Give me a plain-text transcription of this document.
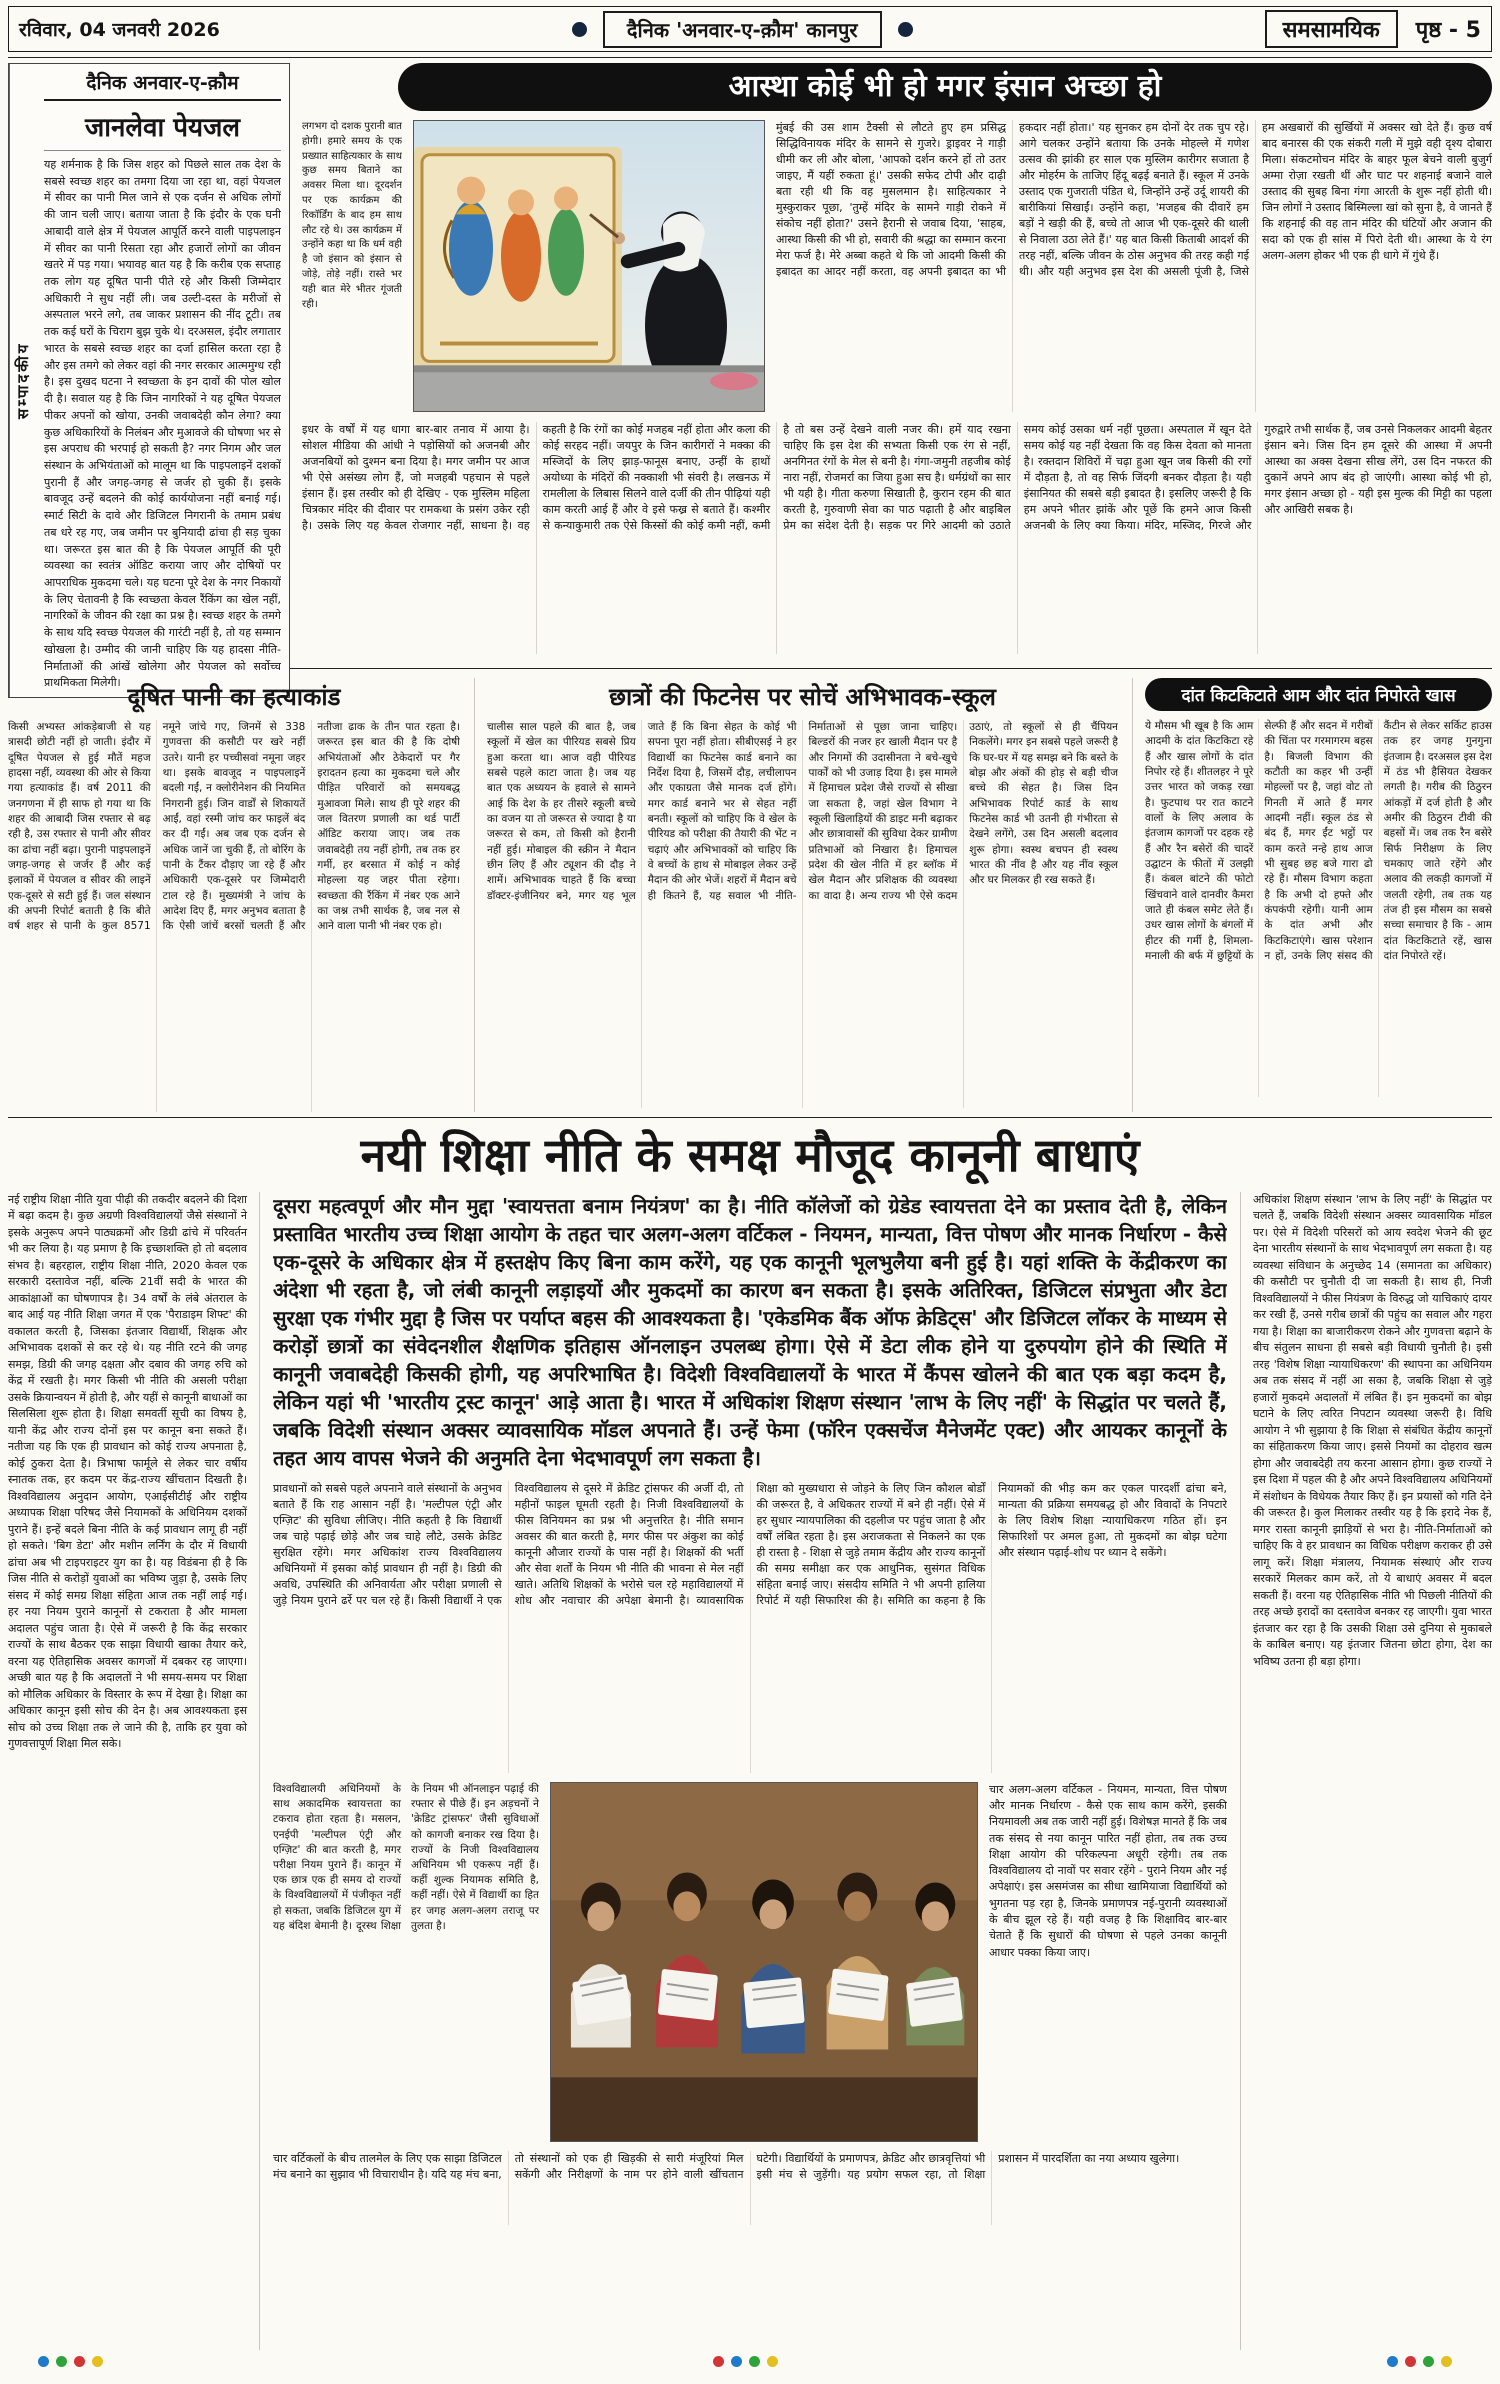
रविवार, 04 जनवरी 2026	दैनिक 'अनवार-ए-क़ौम' कानपुर	समसामयिक	पृष्ठ - 5
सम्पादकीय
दैनिक अनवार-ए-क़ौम
जानलेवा पेयजल
यह शर्मनाक है कि जिस शहर को पिछले साल तक देश के सबसे स्वच्छ शहर का तमगा दिया जा रहा था, वहां पेयजल में सीवर का पानी मिल जाने से एक दर्जन से अधिक लोगों की जान चली जाए। बताया जाता है कि इंदौर के एक घनी आबादी वाले क्षेत्र में पेयजल आपूर्ति करने वाली पाइपलाइन में सीवर का पानी रिसता रहा और हजारों लोगों का जीवन खतरे में पड़ गया। भयावह बात यह है कि करीब एक सप्ताह तक लोग यह दूषित पानी पीते रहे और किसी जिम्मेदार अधिकारी ने सुध नहीं ली। जब उल्टी-दस्त के मरीजों से अस्पताल भरने लगे, तब जाकर प्रशासन की नींद टूटी। तब तक कई घरों के चिराग बुझ चुके थे। दरअसल, इंदौर लगातार भारत के सबसे स्वच्छ शहर का दर्जा हासिल करता रहा है और इस तमगे को लेकर वहां की नगर सरकार आत्ममुग्ध रही है। इस दुखद घटना ने स्वच्छता के इन दावों की पोल खोल दी है। सवाल यह है कि जिन नागरिकों ने यह दूषित पेयजल पीकर अपनों को खोया, उनकी जवाबदेही कौन लेगा? क्या कुछ अधिकारियों के निलंबन और मुआवजे की घोषणा भर से इस अपराध की भरपाई हो सकती है? नगर निगम और जल संस्थान के अभियंताओं को मालूम था कि पाइपलाइनें दशकों पुरानी हैं और जगह-जगह से जर्जर हो चुकी हैं। इसके बावजूद उन्हें बदलने की कोई कार्ययोजना नहीं बनाई गई। स्मार्ट सिटी के दावे और डिजिटल निगरानी के तमाम प्रबंध तब धरे रह गए, जब जमीन पर बुनियादी ढांचा ही सड़ चुका था। जरूरत इस बात की है कि पेयजल आपूर्ति की पूरी व्यवस्था का स्वतंत्र ऑडिट कराया जाए और दोषियों पर आपराधिक मुकदमा चले। यह घटना पूरे देश के नगर निकायों के लिए चेतावनी है कि स्वच्छता केवल रैंकिंग का खेल नहीं, नागरिकों के जीवन की रक्षा का प्रश्न है। स्वच्छ शहर के तमगे के साथ यदि स्वच्छ पेयजल की गारंटी नहीं है, तो यह सम्मान खोखला है। उम्मीद की जानी चाहिए कि यह हादसा नीति-निर्माताओं की आंखें खोलेगा और पेयजल को सर्वोच्च प्राथमिकता मिलेगी।
आस्था कोई भी हो मगर इंसान अच्छा हो
लगभग दो दशक पुरानी बात होगी। हमारे समय के एक प्रख्यात साहित्यकार के साथ कुछ समय बिताने का अवसर मिला था। दूरदर्शन पर एक कार्यक्रम की रिकॉर्डिंग के बाद हम साथ लौट रहे थे। उस कार्यक्रम में उन्होंने कहा था कि धर्म वही है जो इंसान को इंसान से जोड़े, तोड़े नहीं। रास्ते भर यही बात मेरे भीतर गूंजती रही।
मुंबई की उस शाम टैक्सी से लौटते हुए हम प्रसिद्ध सिद्धिविनायक मंदिर के सामने से गुजरे। ड्राइवर ने गाड़ी धीमी कर ली और बोला, 'आपको दर्शन करने हों तो उतर जाइए, मैं यहीं रुकता हूं।' उसकी सफेद टोपी और दाढ़ी बता रही थी कि वह मुसलमान है। साहित्यकार ने मुस्कुराकर पूछा, 'तुम्हें मंदिर के सामने गाड़ी रोकने में संकोच नहीं होता?' उसने हैरानी से जवाब दिया, 'साहब, आस्था किसी की भी हो, सवारी की श्रद्धा का सम्मान करना मेरा फर्ज है। मेरे अब्बा कहते थे कि जो आदमी किसी की इबादत का आदर नहीं करता, वह अपनी इबादत का भी हकदार नहीं होता।' यह सुनकर हम दोनों देर तक चुप रहे। आगे चलकर उन्होंने बताया कि उनके मोहल्ले में गणेश उत्सव की झांकी हर साल एक मुस्लिम कारीगर सजाता है और मोहर्रम के ताजिए हिंदू बढ़ई बनाते हैं। स्कूल में उनके उस्ताद एक गुजराती पंडित थे, जिन्होंने उन्हें उर्दू शायरी की बारीकियां सिखाईं। उन्होंने कहा, 'मजहब की दीवारें हम बड़ों ने खड़ी की हैं, बच्चे तो आज भी एक-दूसरे की थाली से निवाला उठा लेते हैं।' यह बात किसी किताबी आदर्श की तरह नहीं, बल्कि जीवन के ठोस अनुभव की तरह कही गई थी। और यही अनुभव इस देश की असली पूंजी है, जिसे हम अखबारों की सुर्खियों में अक्सर खो देते हैं। कुछ वर्ष बाद बनारस की एक संकरी गली में मुझे वही दृश्य दोबारा मिला। संकटमोचन मंदिर के बाहर फूल बेचने वाली बुजुर्ग अम्मा रोज़ा रखती थीं और घाट पर शहनाई बजाने वाले उस्ताद की सुबह बिना गंगा आरती के शुरू नहीं होती थी। जिन लोगों ने उस्ताद बिस्मिल्ला खां को सुना है, वे जानते हैं कि शहनाई की वह तान मंदिर की घंटियों और अजान की सदा को एक ही सांस में पिरो देती थी। आस्था के ये रंग अलग-अलग होकर भी एक ही धागे में गुंथे हैं।
इधर के वर्षों में यह धागा बार-बार तनाव में आया है। सोशल मीडिया की आंधी ने पड़ोसियों को अजनबी और अजनबियों को दुश्मन बना दिया है। मगर जमीन पर आज भी ऐसे असंख्य लोग हैं, जो मजहबी पहचान से पहले इंसान हैं। इस तस्वीर को ही देखिए - एक मुस्लिम महिला चित्रकार मंदिर की दीवार पर रामकथा के प्रसंग उकेर रही है। उसके लिए यह केवल रोजगार नहीं, साधना है। वह कहती है कि रंगों का कोई मजहब नहीं होता और कला की कोई सरहद नहीं। जयपुर के जिन कारीगरों ने मक्का की मस्जिदों के लिए झाड़-फानूस बनाए, उन्हीं के हाथों अयोध्या के मंदिरों की नक्काशी भी संवरी है। लखनऊ में रामलीला के लिबास सिलने वाले दर्जी की तीन पीढ़ियां यही काम करती आई हैं और वे इसे फख्र से बताते हैं। कश्मीर से कन्याकुमारी तक ऐसे किस्सों की कोई कमी नहीं, कमी है तो बस उन्हें देखने वाली नजर की। हमें याद रखना चाहिए कि इस देश की सभ्यता किसी एक रंग से नहीं, अनगिनत रंगों के मेल से बनी है। गंगा-जमुनी तहजीब कोई नारा नहीं, रोजमर्रा का जिया हुआ सच है। धर्मग्रंथों का सार भी यही है। गीता करुणा सिखाती है, कुरान रहम की बात करती है, गुरुवाणी सेवा का पाठ पढ़ाती है और बाइबिल प्रेम का संदेश देती है। सड़क पर गिरे आदमी को उठाते समय कोई उसका धर्म नहीं पूछता। अस्पताल में खून देते समय कोई यह नहीं देखता कि वह किस देवता को मानता है। रक्तदान शिविरों में चढ़ा हुआ खून जब किसी की रगों में दौड़ता है, तो वह सिर्फ जिंदगी बनकर दौड़ता है। यही इंसानियत की सबसे बड़ी इबादत है। इसलिए जरूरी है कि हम अपने भीतर झांकें और पूछें कि हमने आज किसी अजनबी के लिए क्या किया। मंदिर, मस्जिद, गिरजे और गुरुद्वारे तभी सार्थक हैं, जब उनसे निकलकर आदमी बेहतर इंसान बने। जिस दिन हम दूसरे की आस्था में अपनी आस्था का अक्स देखना सीख लेंगे, उस दिन नफरत की दुकानें अपने आप बंद हो जाएंगी। आस्था कोई भी हो, मगर इंसान अच्छा हो - यही इस मुल्क की मिट्टी का पहला और आखिरी सबक है।
दूषित पानी का हत्याकांड
किसी अभ्यस्त आंकड़ेबाजी से यह त्रासदी छोटी नहीं हो जाती। इंदौर में दूषित पेयजल से हुई मौतें महज हादसा नहीं, व्यवस्था की ओर से किया गया हत्याकांड हैं। वर्ष 2011 की जनगणना में ही साफ हो गया था कि शहर की आबादी जिस रफ्तार से बढ़ रही है, उस रफ्तार से पानी और सीवर का ढांचा नहीं बढ़ा। पुरानी पाइपलाइनें जगह-जगह से जर्जर हैं और कई इलाकों में पेयजल व सीवर की लाइनें एक-दूसरे से सटी हुई हैं। जल संस्थान की अपनी रिपोर्ट बताती है कि बीते वर्ष शहर से पानी के कुल 8571 नमूने जांचे गए, जिनमें से 338 गुणवत्ता की कसौटी पर खरे नहीं उतरे। यानी हर पच्चीसवां नमूना जहर था। इसके बावजूद न पाइपलाइनें बदली गईं, न क्लोरीनेशन की नियमित निगरानी हुई। जिन वार्डों से शिकायतें आईं, वहां रस्मी जांच कर फाइलें बंद कर दी गईं। अब जब एक दर्जन से अधिक जानें जा चुकी हैं, तो बोरिंग के पानी के टैंकर दौड़ाए जा रहे हैं और अधिकारी एक-दूसरे पर जिम्मेदारी टाल रहे हैं। मुख्यमंत्री ने जांच के आदेश दिए हैं, मगर अनुभव बताता है कि ऐसी जांचें बरसों चलती हैं और नतीजा ढाक के तीन पात रहता है। जरूरत इस बात की है कि दोषी अभियंताओं और ठेकेदारों पर गैर इरादतन हत्या का मुकदमा चले और पीड़ित परिवारों को समयबद्ध मुआवजा मिले। साथ ही पूरे शहर की जल वितरण प्रणाली का थर्ड पार्टी ऑडिट कराया जाए। जब तक जवाबदेही तय नहीं होगी, तब तक हर गर्मी, हर बरसात में कोई न कोई मोहल्ला यह जहर पीता रहेगा। स्वच्छता की रैंकिंग में नंबर एक आने का जश्न तभी सार्थक है, जब नल से आने वाला पानी भी नंबर एक हो।
छात्रों की फिटनेस पर सोचें अभिभावक-स्कूल
चालीस साल पहले की बात है, जब स्कूलों में खेल का पीरियड सबसे प्रिय हुआ करता था। आज वही पीरियड सबसे पहले काटा जाता है। जब यह बात एक अध्ययन के हवाले से सामने आई कि देश के हर तीसरे स्कूली बच्चे का वजन या तो जरूरत से ज्यादा है या जरूरत से कम, तो किसी को हैरानी नहीं हुई। मोबाइल की स्क्रीन ने मैदान छीन लिए हैं और ट्यूशन की दौड़ ने शामें। अभिभावक चाहते हैं कि बच्चा डॉक्टर-इंजीनियर बने, मगर यह भूल जाते हैं कि बिना सेहत के कोई भी सपना पूरा नहीं होता। सीबीएसई ने हर विद्यार्थी का फिटनेस कार्ड बनाने का निर्देश दिया है, जिसमें दौड़, लचीलापन और एकाग्रता जैसे मानक दर्ज होंगे। मगर कार्ड बनाने भर से सेहत नहीं बनती। स्कूलों को चाहिए कि वे खेल के पीरियड को परीक्षा की तैयारी की भेंट न चढ़ाएं और अभिभावकों को चाहिए कि वे बच्चों के हाथ से मोबाइल लेकर उन्हें मैदान की ओर भेजें। शहरों में मैदान बचे ही कितने हैं, यह सवाल भी नीति-निर्माताओं से पूछा जाना चाहिए। बिल्डरों की नजर हर खाली मैदान पर है और निगमों की उदासीनता ने बचे-खुचे पार्कों को भी उजाड़ दिया है। इस मामले में हिमाचल प्रदेश जैसे राज्यों से सीखा जा सकता है, जहां खेल विभाग ने स्कूली खिलाड़ियों की डाइट मनी बढ़ाकर और छात्रावासों की सुविधा देकर ग्रामीण प्रतिभाओं को निखारा है। हिमाचल प्रदेश की खेल नीति में हर ब्लॉक में खेल मैदान और प्रशिक्षक की व्यवस्था का वादा है। अन्य राज्य भी ऐसे कदम उठाएं, तो स्कूलों से ही चैंपियन निकलेंगे। मगर इन सबसे पहले जरूरी है कि घर-घर में यह समझ बने कि बस्ते के बोझ और अंकों की होड़ से बड़ी चीज बच्चे की सेहत है। जिस दिन अभिभावक रिपोर्ट कार्ड के साथ फिटनेस कार्ड भी उतनी ही गंभीरता से देखने लगेंगे, उस दिन असली बदलाव शुरू होगा। स्वस्थ बचपन ही स्वस्थ भारत की नींव है और यह नींव स्कूल और घर मिलकर ही रख सकते हैं।
दांत किटकिटाते आम और दांत निपोरते खास
ये मौसम भी खूब है कि आम आदमी के दांत किटकिटा रहे हैं और खास लोगों के दांत निपोर रहे हैं। शीतलहर ने पूरे उत्तर भारत को जकड़ रखा है। फुटपाथ पर रात काटने वालों के लिए अलाव के इंतजाम कागजों पर दहक रहे हैं और रैन बसेरों की चादरें उद्घाटन के फीतों में उलझी हैं। कंबल बांटने की फोटो खिंचवाने वाले दानवीर कैमरा जाते ही कंबल समेट लेते हैं। उधर खास लोगों के बंगलों में हीटर की गर्मी है, शिमला-मनाली की बर्फ में छुट्टियों के सेल्फी हैं और सदन में गरीबों की चिंता पर गरमागरम बहस है। बिजली विभाग की कटौती का कहर भी उन्हीं मोहल्लों पर है, जहां वोट तो गिनती में आते हैं मगर आदमी नहीं। स्कूल ठंड से बंद हैं, मगर ईंट भट्ठों पर काम करते नन्हे हाथ आज भी सुबह छह बजे गारा ढो रहे हैं। मौसम विभाग कहता है कि अभी दो हफ्ते और कंपकंपी रहेगी। यानी आम के दांत अभी और किटकिटाएंगे। खास परेशान न हों, उनके लिए संसद की कैंटीन से लेकर सर्किट हाउस तक हर जगह गुनगुना इंतजाम है। दरअसल इस देश में ठंड भी हैसियत देखकर लगती है। गरीब की ठिठुरन आंकड़ों में दर्ज होती है और अमीर की ठिठुरन टीवी की बहसों में। जब तक रैन बसेरे सिर्फ निरीक्षण के लिए चमकाए जाते रहेंगे और अलाव की लकड़ी कागजों में जलती रहेगी, तब तक यह तंज ही इस मौसम का सबसे सच्चा समाचार है कि - आम दांत किटकिटाते रहें, खास दांत निपोरते रहें।
नयी शिक्षा नीति के समक्ष मौजूद कानूनी बाधाएं
नई राष्ट्रीय शिक्षा नीति युवा पीढ़ी की तकदीर बदलने की दिशा में बढ़ा कदम है। कुछ अग्रणी विश्वविद्यालयों जैसे संस्थानों ने इसके अनुरूप अपने पाठ्यक्रमों और डिग्री ढांचे में परिवर्तन भी कर लिया है। यह प्रमाण है कि इच्छाशक्ति हो तो बदलाव संभव है। बहरहाल, राष्ट्रीय शिक्षा नीति, 2020 केवल एक सरकारी दस्तावेज नहीं, बल्कि 21वीं सदी के भारत की आकांक्षाओं का घोषणापत्र है। 34 वर्षों के लंबे अंतराल के बाद आई यह नीति शिक्षा जगत में एक 'पैराडाइम शिफ्ट' की वकालत करती है, जिसका इंतजार विद्यार्थी, शिक्षक और अभिभावक दशकों से कर रहे थे। यह नीति रटने की जगह समझ, डिग्री की जगह दक्षता और दबाव की जगह रुचि को केंद्र में रखती है। मगर किसी भी नीति की असली परीक्षा उसके क्रियान्वयन में होती है, और यहीं से कानूनी बाधाओं का सिलसिला शुरू होता है। शिक्षा समवर्ती सूची का विषय है, यानी केंद्र और राज्य दोनों इस पर कानून बना सकते हैं। नतीजा यह कि एक ही प्रावधान को कोई राज्य अपनाता है, कोई ठुकरा देता है। त्रिभाषा फार्मूले से लेकर चार वर्षीय स्नातक तक, हर कदम पर केंद्र-राज्य खींचतान दिखती है। विश्वविद्यालय अनुदान आयोग, एआईसीटीई और राष्ट्रीय अध्यापक शिक्षा परिषद जैसे नियामकों के अधिनियम दशकों पुराने हैं। इन्हें बदले बिना नीति के कई प्रावधान लागू ही नहीं हो सकते। 'बिग डेटा' और मशीन लर्निंग के दौर में विधायी ढांचा अब भी टाइपराइटर युग का है। यह विडंबना ही है कि जिस नीति से करोड़ों युवाओं का भविष्य जुड़ा है, उसके लिए संसद में कोई समग्र शिक्षा संहिता आज तक नहीं लाई गई। हर नया नियम पुराने कानूनों से टकराता है और मामला अदालत पहुंच जाता है। ऐसे में जरूरी है कि केंद्र सरकार राज्यों के साथ बैठकर एक साझा विधायी खाका तैयार करे, वरना यह ऐतिहासिक अवसर कागजों में दबकर रह जाएगा। अच्छी बात यह है कि अदालतों ने भी समय-समय पर शिक्षा को मौलिक अधिकार के विस्तार के रूप में देखा है। शिक्षा का अधिकार कानून इसी सोच की देन है। अब आवश्यकता इस सोच को उच्च शिक्षा तक ले जाने की है, ताकि हर युवा को गुणवत्तापूर्ण शिक्षा मिल सके।
दूसरा महत्वपूर्ण और मौन मुद्दा 'स्वायत्तता बनाम नियंत्रण' का है। नीति कॉलेजों को ग्रेडेड स्वायत्तता देने का प्रस्ताव देती है, लेकिन प्रस्तावित भारतीय उच्च शिक्षा आयोग के तहत चार अलग-अलग वर्टिकल - नियमन, मान्यता, वित्त पोषण और मानक निर्धारण - कैसे एक-दूसरे के अधिकार क्षेत्र में हस्तक्षेप किए बिना काम करेंगे, यह एक कानूनी भूलभुलैया बनी हुई है। यहां शक्ति के केंद्रीकरण का अंदेशा भी रहता है, जो लंबी कानूनी लड़ाइयों और मुकदमों का कारण बन सकता है। इसके अतिरिक्त, डिजिटल संप्रभुता और डेटा सुरक्षा एक गंभीर मुद्दा है जिस पर पर्याप्त बहस की आवश्यकता है। 'एकेडमिक बैंक ऑफ क्रेडिट्स' और डिजिटल लॉकर के माध्यम से करोड़ों छात्रों का संवेदनशील शैक्षणिक इतिहास ऑनलाइन उपलब्ध होगा। ऐसे में डेटा लीक होने या दुरुपयोग होने की स्थिति में कानूनी जवाबदेही किसकी होगी, यह अपरिभाषित है। विदेशी विश्वविद्यालयों के भारत में कैंपस खोलने की बात एक बड़ा कदम है, लेकिन यहां भी 'भारतीय ट्रस्ट कानून' आड़े आता है। भारत में अधिकांश शिक्षण संस्थान 'लाभ के लिए नहीं' के सिद्धांत पर चलते हैं, जबकि विदेशी संस्थान अक्सर व्यावसायिक मॉडल अपनाते हैं। उन्हें फेमा (फॉरेन एक्सचेंज मैनेजमेंट एक्ट) और आयकर कानूनों के तहत आय वापस भेजने की अनुमति देना भेदभावपूर्ण लग सकता है।
प्रावधानों को सबसे पहले अपनाने वाले संस्थानों के अनुभव बताते हैं कि राह आसान नहीं है। 'मल्टीपल एंट्री और एग्ज़िट' की सुविधा लीजिए। नीति कहती है कि विद्यार्थी जब चाहे पढ़ाई छोड़े और जब चाहे लौटे, उसके क्रेडिट सुरक्षित रहेंगे। मगर अधिकांश राज्य विश्वविद्यालय अधिनियमों में इसका कोई प्रावधान ही नहीं है। डिग्री की अवधि, उपस्थिति की अनिवार्यता और परीक्षा प्रणाली से जुड़े नियम पुराने ढर्रे पर चल रहे हैं। किसी विद्यार्थी ने एक विश्वविद्यालय से दूसरे में क्रेडिट ट्रांसफर की अर्जी दी, तो महीनों फाइल घूमती रहती है। निजी विश्वविद्यालयों के फीस विनियमन का प्रश्न भी अनुत्तरित है। नीति समान अवसर की बात करती है, मगर फीस पर अंकुश का कोई कानूनी औजार राज्यों के पास नहीं है। शिक्षकों की भर्ती और सेवा शर्तों के नियम भी नीति की भावना से मेल नहीं खाते। अतिथि शिक्षकों के भरोसे चल रहे महाविद्यालयों में शोध और नवाचार की अपेक्षा बेमानी है। व्यावसायिक शिक्षा को मुख्यधारा से जोड़ने के लिए जिन कौशल बोर्डों की जरूरत है, वे अधिकतर राज्यों में बने ही नहीं। ऐसे में हर सुधार न्यायपालिका की दहलीज पर पहुंच जाता है और वर्षों लंबित रहता है। इस अराजकता से निकलने का एक ही रास्ता है - शिक्षा से जुड़े तमाम केंद्रीय और राज्य कानूनों की समग्र समीक्षा कर एक आधुनिक, सुसंगत विधिक संहिता बनाई जाए। संसदीय समिति ने भी अपनी हालिया रिपोर्ट में यही सिफारिश की है। समिति का कहना है कि नियामकों की भीड़ कम कर एकल पारदर्शी ढांचा बने, मान्यता की प्रक्रिया समयबद्ध हो और विवादों के निपटारे के लिए विशेष शिक्षा न्यायाधिकरण गठित हों। इन सिफारिशों पर अमल हुआ, तो मुकदमों का बोझ घटेगा और संस्थान पढ़ाई-शोध पर ध्यान दे सकेंगे।
विश्वविद्यालयी अधिनियमों के साथ अकादमिक स्वायत्तता का टकराव होता रहता है। मसलन, एनईपी 'मल्टीपल एंट्री और एग्ज़िट' की बात करती है, मगर परीक्षा नियम पुराने हैं। कानून में एक छात्र एक ही समय दो राज्यों के विश्वविद्यालयों में पंजीकृत नहीं हो सकता, जबकि डिजिटल युग में यह बंदिश बेमानी है। दूरस्थ शिक्षा के नियम भी ऑनलाइन पढ़ाई की रफ्तार से पीछे हैं। इन अड़चनों ने 'क्रेडिट ट्रांसफर' जैसी सुविधाओं को कागजी बनाकर रख दिया है। राज्यों के निजी विश्वविद्यालय अधिनियम भी एकरूप नहीं हैं। कहीं शुल्क नियामक समिति है, कहीं नहीं। ऐसे में विद्यार्थी का हित हर जगह अलग-अलग तराजू पर तुलता है।
चार अलग-अलग वर्टिकल - नियमन, मान्यता, वित्त पोषण और मानक निर्धारण - कैसे एक साथ काम करेंगे, इसकी नियमावली अब तक जारी नहीं हुई। विशेषज्ञ मानते हैं कि जब तक संसद से नया कानून पारित नहीं होता, तब तक उच्च शिक्षा आयोग की परिकल्पना अधूरी रहेगी। तब तक विश्वविद्यालय दो नावों पर सवार रहेंगे - पुराने नियम और नई अपेक्षाएं। इस असमंजस का सीधा खामियाजा विद्यार्थियों को भुगतना पड़ रहा है, जिनके प्रमाणपत्र नई-पुरानी व्यवस्थाओं के बीच झूल रहे हैं। यही वजह है कि शिक्षाविद बार-बार चेताते हैं कि सुधारों की घोषणा से पहले उनका कानूनी आधार पक्का किया जाए।
चार वर्टिकलों के बीच तालमेल के लिए एक साझा डिजिटल मंच बनाने का सुझाव भी विचाराधीन है। यदि यह मंच बना, तो संस्थानों को एक ही खिड़की से सारी मंजूरियां मिल सकेंगी और निरीक्षणों के नाम पर होने वाली खींचतान घटेगी। विद्यार्थियों के प्रमाणपत्र, क्रेडिट और छात्रवृत्तियां भी इसी मंच से जुड़ेंगी। यह प्रयोग सफल रहा, तो शिक्षा प्रशासन में पारदर्शिता का नया अध्याय खुलेगा।
अधिकांश शिक्षण संस्थान 'लाभ के लिए नहीं' के सिद्धांत पर चलते हैं, जबकि विदेशी संस्थान अक्सर व्यावसायिक मॉडल पर। ऐसे में विदेशी परिसरों को आय स्वदेश भेजने की छूट देना भारतीय संस्थानों के साथ भेदभावपूर्ण लग सकता है। यह व्यवस्था संविधान के अनुच्छेद 14 (समानता का अधिकार) की कसौटी पर चुनौती दी जा सकती है। साथ ही, निजी विश्वविद्यालयों ने फीस नियंत्रण के विरुद्ध जो याचिकाएं दायर कर रखी हैं, उनसे गरीब छात्रों की पहुंच का सवाल और गहरा गया है। शिक्षा का बाजारीकरण रोकने और गुणवत्ता बढ़ाने के बीच संतुलन साधना ही सबसे बड़ी विधायी चुनौती है। इसी तरह 'विशेष शिक्षा न्यायाधिकरण' की स्थापना का अधिनियम अब तक संसद में नहीं आ सका है, जबकि शिक्षा से जुड़े हजारों मुकदमे अदालतों में लंबित हैं। इन मुकदमों का बोझ घटाने के लिए त्वरित निपटान व्यवस्था जरूरी है। विधि आयोग ने भी सुझाया है कि शिक्षा से संबंधित केंद्रीय कानूनों का संहिताकरण किया जाए। इससे नियमों का दोहराव खत्म होगा और जवाबदेही तय करना आसान होगा। कुछ राज्यों ने इस दिशा में पहल की है और अपने विश्वविद्यालय अधिनियमों में संशोधन के विधेयक तैयार किए हैं। इन प्रयासों को गति देने की जरूरत है। कुल मिलाकर तस्वीर यह है कि इरादे नेक हैं, मगर रास्ता कानूनी झाड़ियों से भरा है। नीति-निर्माताओं को चाहिए कि वे हर प्रावधान का विधिक परीक्षण कराकर ही उसे लागू करें। शिक्षा मंत्रालय, नियामक संस्थाएं और राज्य सरकारें मिलकर काम करें, तो ये बाधाएं अवसर में बदल सकती हैं। वरना यह ऐतिहासिक नीति भी पिछली नीतियों की तरह अच्छे इरादों का दस्तावेज बनकर रह जाएगी। युवा भारत इंतजार कर रहा है कि उसकी शिक्षा उसे दुनिया से मुकाबले के काबिल बनाए। यह इंतजार जितना छोटा होगा, देश का भविष्य उतना ही बड़ा होगा।
